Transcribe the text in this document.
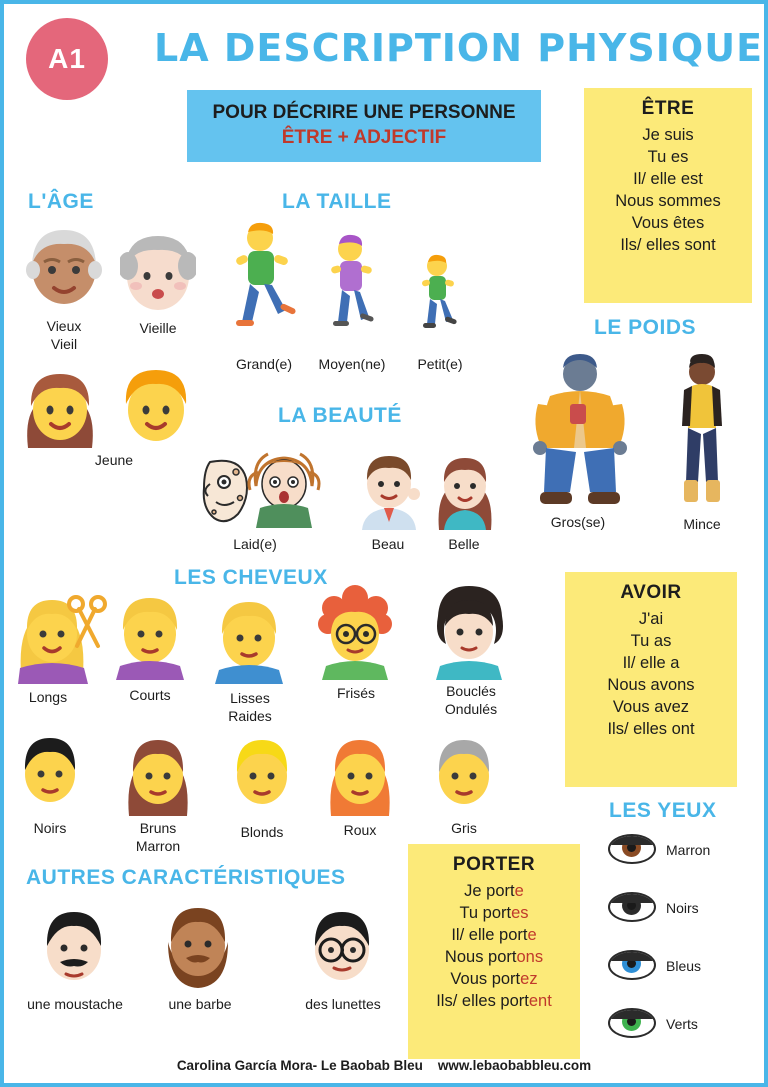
A1	LA DESCRIPTION PHYSIQUE
POUR DÉCRIRE UNE PERSONNE
ÊTRE + ADJECTIF
ÊTRE

Je suis

Tu es

Il/ elle est

Nous sommes

Vous êtes

Ils/ elles sont

AVOIR

J'ai

Tu as

Il/ elle a

Nous avons

Vous avez

Ils/ elles ont

PORTER

Je porte

Tu portes

Il/ elle porte

Nous portons

Vous portez

Ils/ elles portent

L'ÂGE	LA TAILLE
LE POIDS
LA BEAUTÉ
LES CHEVEUX
LES YEUX
AUTRES CARACTÉRISTIQUES
Vieux
Vieil
Vieille
Jeune
Grand(e)	Moyen(ne)	Petit(e)
Laid(e)	Beau	Belle
Gros(se)	Mince
Longs	Courts	Lisses
Raides
Frisés	Bouclés
Ondulés
Noirs	Bruns
Marron
Blonds	Roux	Gris
Marron
Noirs
Bleus
Verts
une moustache	une barbe	des lunettes
Carolina García Mora- Le Baobab Bleu www.lebaobabbleu.com
